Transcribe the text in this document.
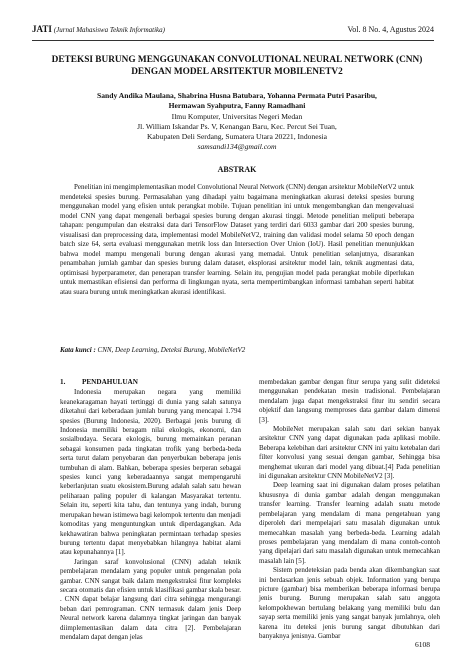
JATI (Jurnal Mahasiswa Teknik Informatika)	Vol. 8 No. 4, Agustus 2024
DETEKSI BURUNG MENGGUNAKAN CONVOLUTIONAL NEURAL NETWORK (CNN) DENGAN MODEL ARSITEKTUR MOBILENETV2
Sandy Andika Maulana, Shabrina Husna Batubara, Yohanna Permata Putri Pasaribu,
Hermawan Syahputra, Fanny Ramadhani
Ilmu Komputer, Universitas Negeri Medan
Jl. William Iskandar Ps. V, Kenangan Baru, Kec. Percut Sei Tuan,
Kabupaten Deli Serdang, Sumatera Utara 20221, Indonesia
samsandi134@gmail.com
ABSTRAK
Penelitian ini mengimplementasikan model Convolutional Neural Network (CNN) dengan arsitektur MobileNetV2 untuk mendeteksi spesies burung. Permasalahan yang dihadapi yaitu bagaimana meningkatkan akurasi deteksi spesies burung menggunakan model yang efisien untuk perangkat mobile. Tujuan penelitian ini untuk mengembangkan dan mengevaluasi model CNN yang dapat mengenali berbagai spesies burung dengan akurasi tinggi. Metode penelitian meliputi beberapa tahapan: pengumpulan dan ekstraksi data dari TensorFlow Dataset yang terdiri dari 6033 gambar dari 200 spesies burung, visualisasi dan preprocessing data, implementasi model MobileNetV2, training dan validasi model selama 50 epoch dengan batch size 64, serta evaluasi menggunakan metrik loss dan Intersection Over Union (IoU). Hasil penelitian menunjukkan bahwa model mampu mengenali burung dengan akurasi yang memadai. Untuk penelitian selanjutnya, disarankan penambahan jumlah gambar dan spesies burung dalam dataset, eksplorasi arsitektur model lain, teknik augmentasi data, optimisasi hyperparameter, dan penerapan transfer learning. Selain itu, pengujian model pada perangkat mobile diperlukan untuk memastikan efisiensi dan performa di lingkungan nyata, serta mempertimbangkan informasi tambahan seperti habitat atau suara burung untuk meningkatkan akurasi identifikasi.
Kata kunci : CNN, Deep Learning, Deteksi Burung, MobileNetV2
1.	PENDAHULUAN

Indonesia merupakan negara yang memiliki keanekaragaman hayati tertinggi di dunia yang salah satunya diketahui dari keberadaan jumlah burung yang mencapai 1.794 spesies (Burung Indonesia, 2020). Berbagai jenis burung di Indonesia memiliki beragam nilai ekologis, ekonomi, dan sosialbudaya. Secara ekologis, burung memainkan peranan sebagai konsumen pada tingkatan trofik yang berbeda-beda serta turut dalam penyebaran dan penyerbukan beberapa jenis tumbuhan di alam. Bahkan, beberapa spesies berperan sebagai spesies kunci yang keberadaannya sangat mempengaruhi keberlanjutan suatu ekosistem.Burung adalah salah satu hewan peliharaan paling populer di kalangan Masyarakat tertentu. Selain itu, seperti kita tahu, dan tentunya yang indah, burung merupakan hewan istimewa bagi kelompok tertentu dan menjadi komoditas yang menguntungkan untuk diperdagangkan. Ada kekhawatiran bahwa peningkatan permintaan terhadap spesies burung tertentu dapat menyebabkan hilangnya habitat alami atau kepunahannya [1].

Jaringan saraf konvolusional (CNN) adalah teknik pembelajaran mendalam yang populer untuk pengenalan pola gambar. CNN sangat baik dalam mengekstraksi fitur kompleks secara otomatis dan efisien untuk klasifikasi gambar skala besar. . CNN dapat belajar langsung dari citra sehingga mengurangi beban dari pemrograman. CNN termasuk dalam jenis Deep Neural network karena dalamnya tingkat jaringan dan banyak diimplementasikan dalam data citra [2]. Pembelajaran mendalam dapat dengan jelas

membedakan gambar dengan fitur serupa yang sulit dideteksi menggunakan pendekatan mesin tradisional. Pembelajaran mendalam juga dapat mengekstraksi fitur itu sendiri secara objektif dan langsung memproses data gambar dalam dimensi [3].

MobileNet merupakan salah satu dari sekian banyak arsitektur CNN yang dapat digunakan pada aplikasi mobile. Beberapa kelebihan dari arsitektur CNN ini yaitu ketebalan dari filter konvolusi yang sesuai dengan gambar, Sehingga bisa menghemat ukuran dari model yang dibuat.[4] Pada penelitian ini digunakan arsitektur CNN MobileNetV2 [3].

Deep learning saat ini digunakan dalam proses pelatihan khususnya di dunia gambar adalah dengan menggunakan transfer learning. Transfer learning adalah suatu metode pembelajaran yang mendalam di mana pengetahuan yang diperoleh dari mempelajari satu masalah digunakan untuk memecahkan masalah yang berbeda-beda. Learning adalah proses pembelajaran yang mendalam di mana contoh-contoh yang dipelajari dari satu masalah digunakan untuk memecahkan masalah lain [5].

Sistem pendeteksian pada benda akan dikembangkan saat ini berdasarkan jenis sebuah objek. Information yang berupa picture (gambar) bisa memberikan beberapa informasi berupa jenis burung. Burung merupakan salah satu anggota kelompokhewan bertulang belakang yang memiliki bulu dan sayap serta memiliki jenis yang sangat banyak jumlahnya, oleh karena itu deteksi jenis burung sangat dibutuhkan dari banyaknya jenisnya. Gambar

6108
